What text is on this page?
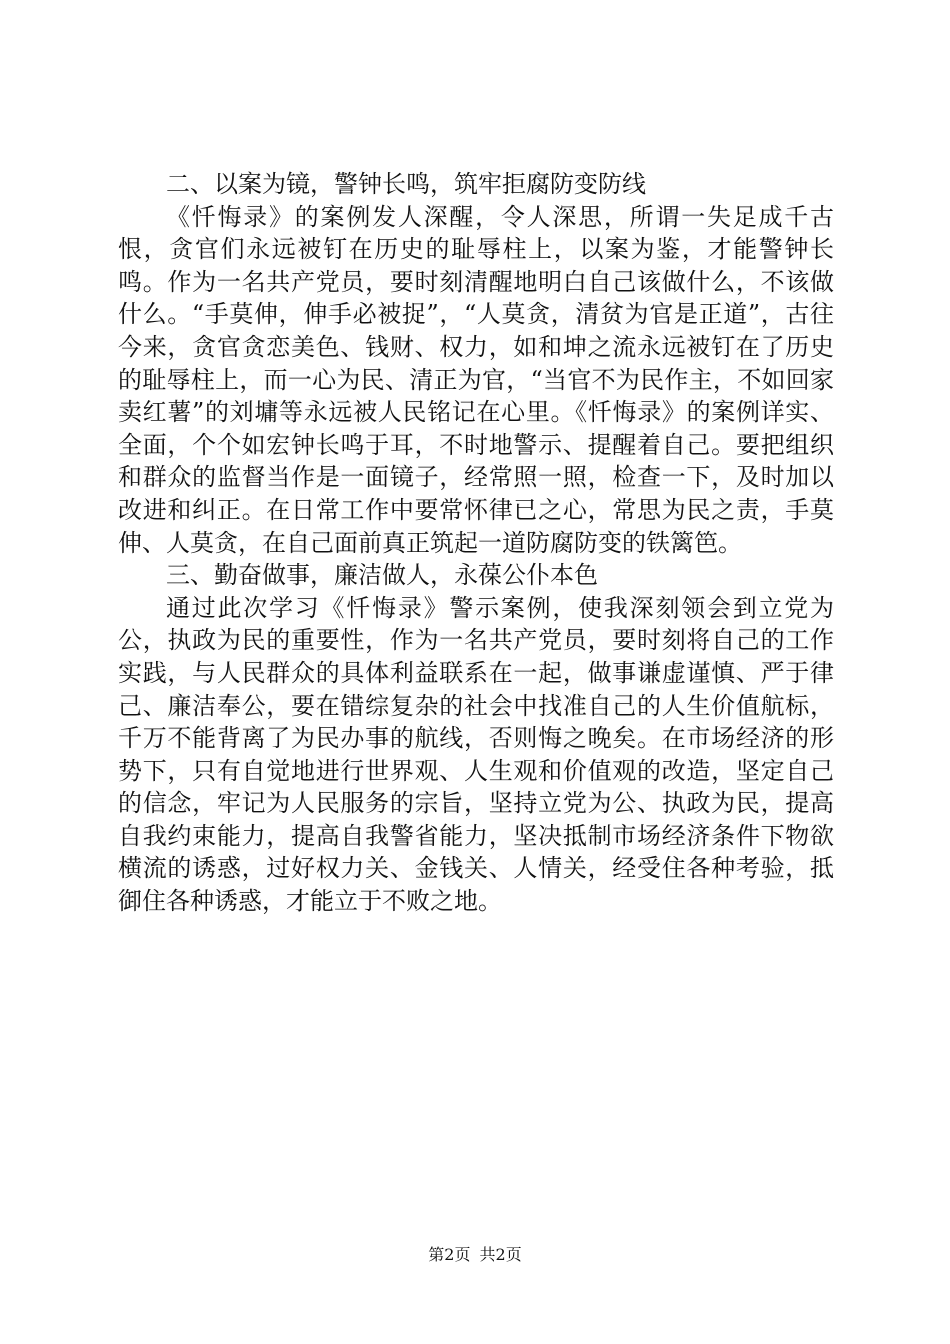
二、以案为镜，警钟长鸣，筑牢拒腐防变防线

《忏悔录》的案例发人深醒，令人深思，所谓一失足成千古恨，贪官们永远被钉在历史的耻辱柱上，以案为鉴，才能警钟长鸣。作为一名共产党员，要时刻清醒地明白自己该做什么，不该做什么。“手莫伸，伸手必被捉”，“人莫贪，清贫为官是正道”，古往今来，贪官贪恋美色、钱财、权力，如和坤之流永远被钉在了历史的耻辱柱上，而一心为民、清正为官，“当官不为民作主，不如回家卖红薯”的刘墉等永远被人民铭记在心里。《忏悔录》的案例详实、全面，个个如宏钟长鸣于耳，不时地警示、提醒着自己。要把组织和群众的监督当作是一面镜子，经常照一照，检查一下，及时加以改进和纠正。在日常工作中要常怀律已之心，常思为民之责，手莫伸、人莫贪，在自己面前真正筑起一道防腐防变的铁篱笆。

三、勤奋做事，廉洁做人，永葆公仆本色

通过此次学习《忏悔录》警示案例，使我深刻领会到立党为公，执政为民的重要性，作为一名共产党员，要时刻将自己的工作实践，与人民群众的具体利益联系在一起，做事谦虚谨慎、严于律己、廉洁奉公，要在错综复杂的社会中找准自己的人生价值航标，千万不能背离了为民办事的航线，否则悔之晚矣。在市场经济的形势下，只有自觉地进行世界观、人生观和价值观的改造，坚定自己的信念，牢记为人民服务的宗旨，坚持立党为公、执政为民，提高自我约束能力，提高自我警省能力，坚决抵制市场经济条件下物欲横流的诱惑，过好权力关、金钱关、人情关，经受住各种考验，抵御住各种诱惑，才能立于不败之地。

第2页 共2页
